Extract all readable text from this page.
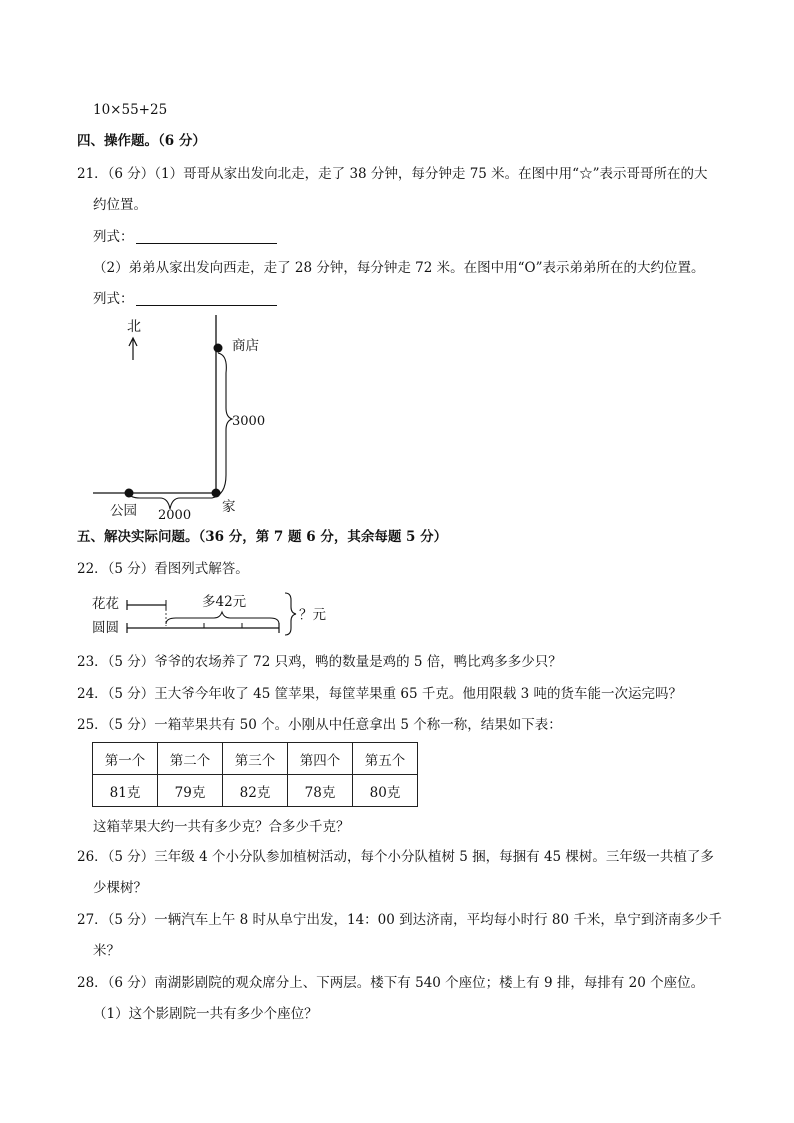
10×55+25
四、操作题。（6 分）
21．（6 分）（1）哥哥从家出发向北走，走了 38 分钟，每分钟走 75 米。在图中用“☆”表示哥哥所在的大
约位置。
列式：
（2）弟弟从家出发向西走，走了 28 分钟，每分钟走 72 米。在图中用“O”表示弟弟所在的大约位置。
列式：
北
商店
3000
公园 2000
家
五、解决实际问题。（36 分，第 7 题 6 分，其余每题 5 分）
22．（5 分）看图列式解答。
花花
圆圆
多42元
？元
23．（5 分）爷爷的农场养了 72 只鸡，鸭的数量是鸡的 5 倍，鸭比鸡多多少只？
24．（5 分）王大爷今年收了 45 筐苹果，每筐苹果重 65 千克。他用限载 3 吨的货车能一次运完吗？
25．（5 分）一箱苹果共有 50 个。小刚从中任意拿出 5 个称一称，结果如下表：
第一个	第二个	第三个	第四个	第五个
81克	79克	82克	78克	80克
这箱苹果大约一共有多少克？合多少千克？
26．（5 分）三年级 4 个小分队参加植树活动，每个小分队植树 5 捆，每捆有 45 棵树。三年级一共植了多
少棵树？
27．（5 分）一辆汽车上午 8 时从阜宁出发，14：00 到达济南，平均每小时行 80 千米，阜宁到济南多少千
米？
28．（6 分）南湖影剧院的观众席分上、下两层。楼下有 540 个座位；楼上有 9 排，每排有 20 个座位。
（1）这个影剧院一共有多少个座位？
